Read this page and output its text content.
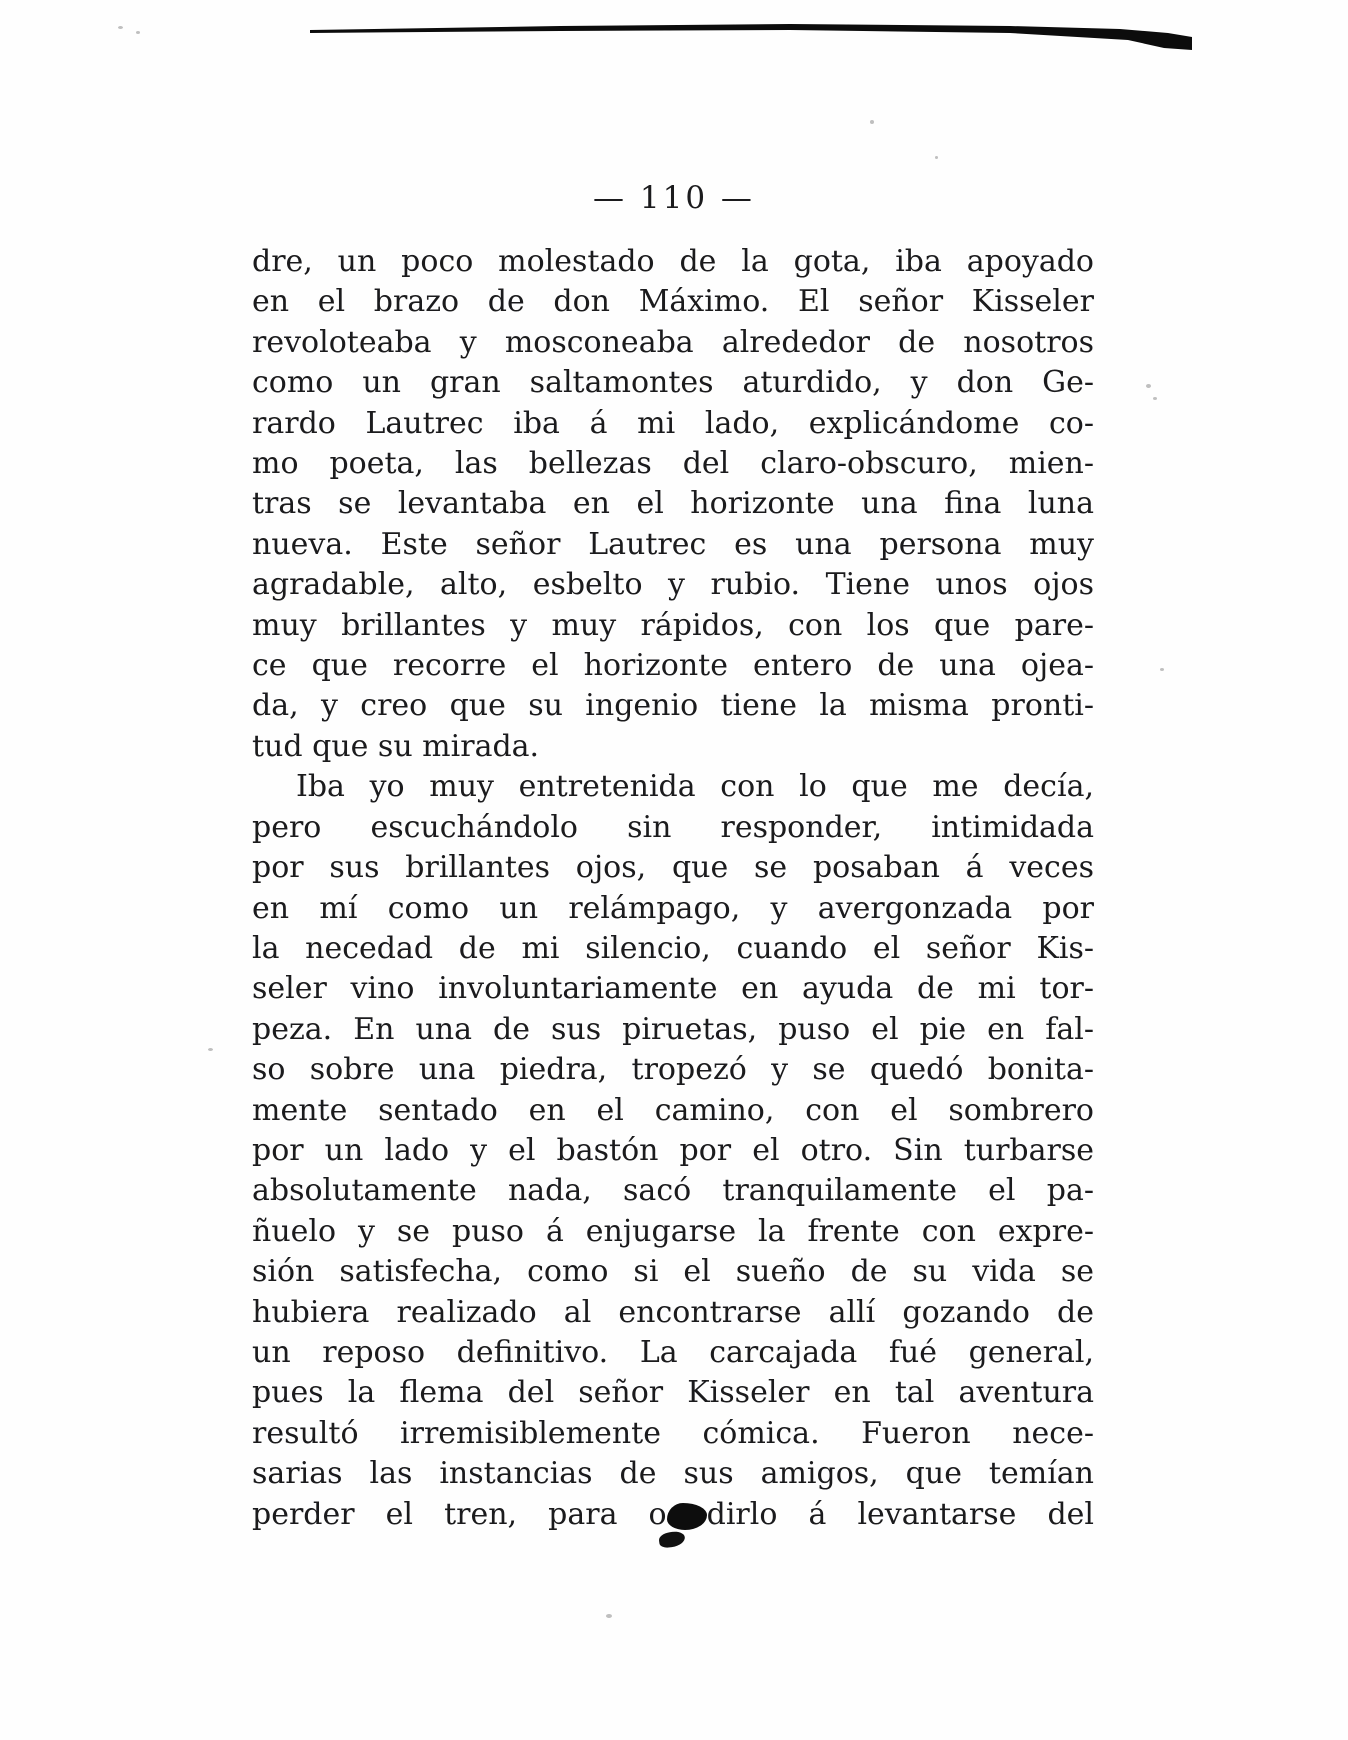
— 110 —
dre, un poco molestado de la gota, iba apoyado
en el brazo de don Máximo. El señor Kisseler
revoloteaba y mosconeaba alrededor de nosotros
como un gran saltamontes aturdido, y don Ge-
rardo Lautrec iba á mi lado, explicándome co-
mo poeta, las bellezas del claro-obscuro, mien-
tras se levantaba en el horizonte una fina luna
nueva. Este señor Lautrec es una persona muy
agradable, alto, esbelto y rubio. Tiene unos ojos
muy brillantes y muy rápidos, con los que pare-
ce que recorre el horizonte entero de una ojea-
da, y creo que su ingenio tiene la misma pronti-
tud que su mirada.
Iba yo muy entretenida con lo que me decía,
pero escuchándolo sin responder, intimidada
por sus brillantes ojos, que se posaban á veces
en mí como un relámpago, y avergonzada por
la necedad de mi silencio, cuando el señor Kis-
seler vino involuntariamente en ayuda de mi tor-
peza. En una de sus piruetas, puso el pie en fal-
so sobre una piedra, tropezó y se quedó bonita-
mente sentado en el camino, con el sombrero
por un lado y el bastón por el otro. Sin turbarse
absolutamente nada, sacó tranquilamente el pa-
ñuelo y se puso á enjugarse la frente con expre-
sión satisfecha, como si el sueño de su vida se
hubiera realizado al encontrarse allí gozando de
un reposo definitivo. La carcajada fué general,
pues la flema del señor Kisseler en tal aventura
resultó irremisiblemente cómica. Fueron nece-
sarias las instancias de sus amigos, que temían
perder el tren, para o dirlo á levantarse del
